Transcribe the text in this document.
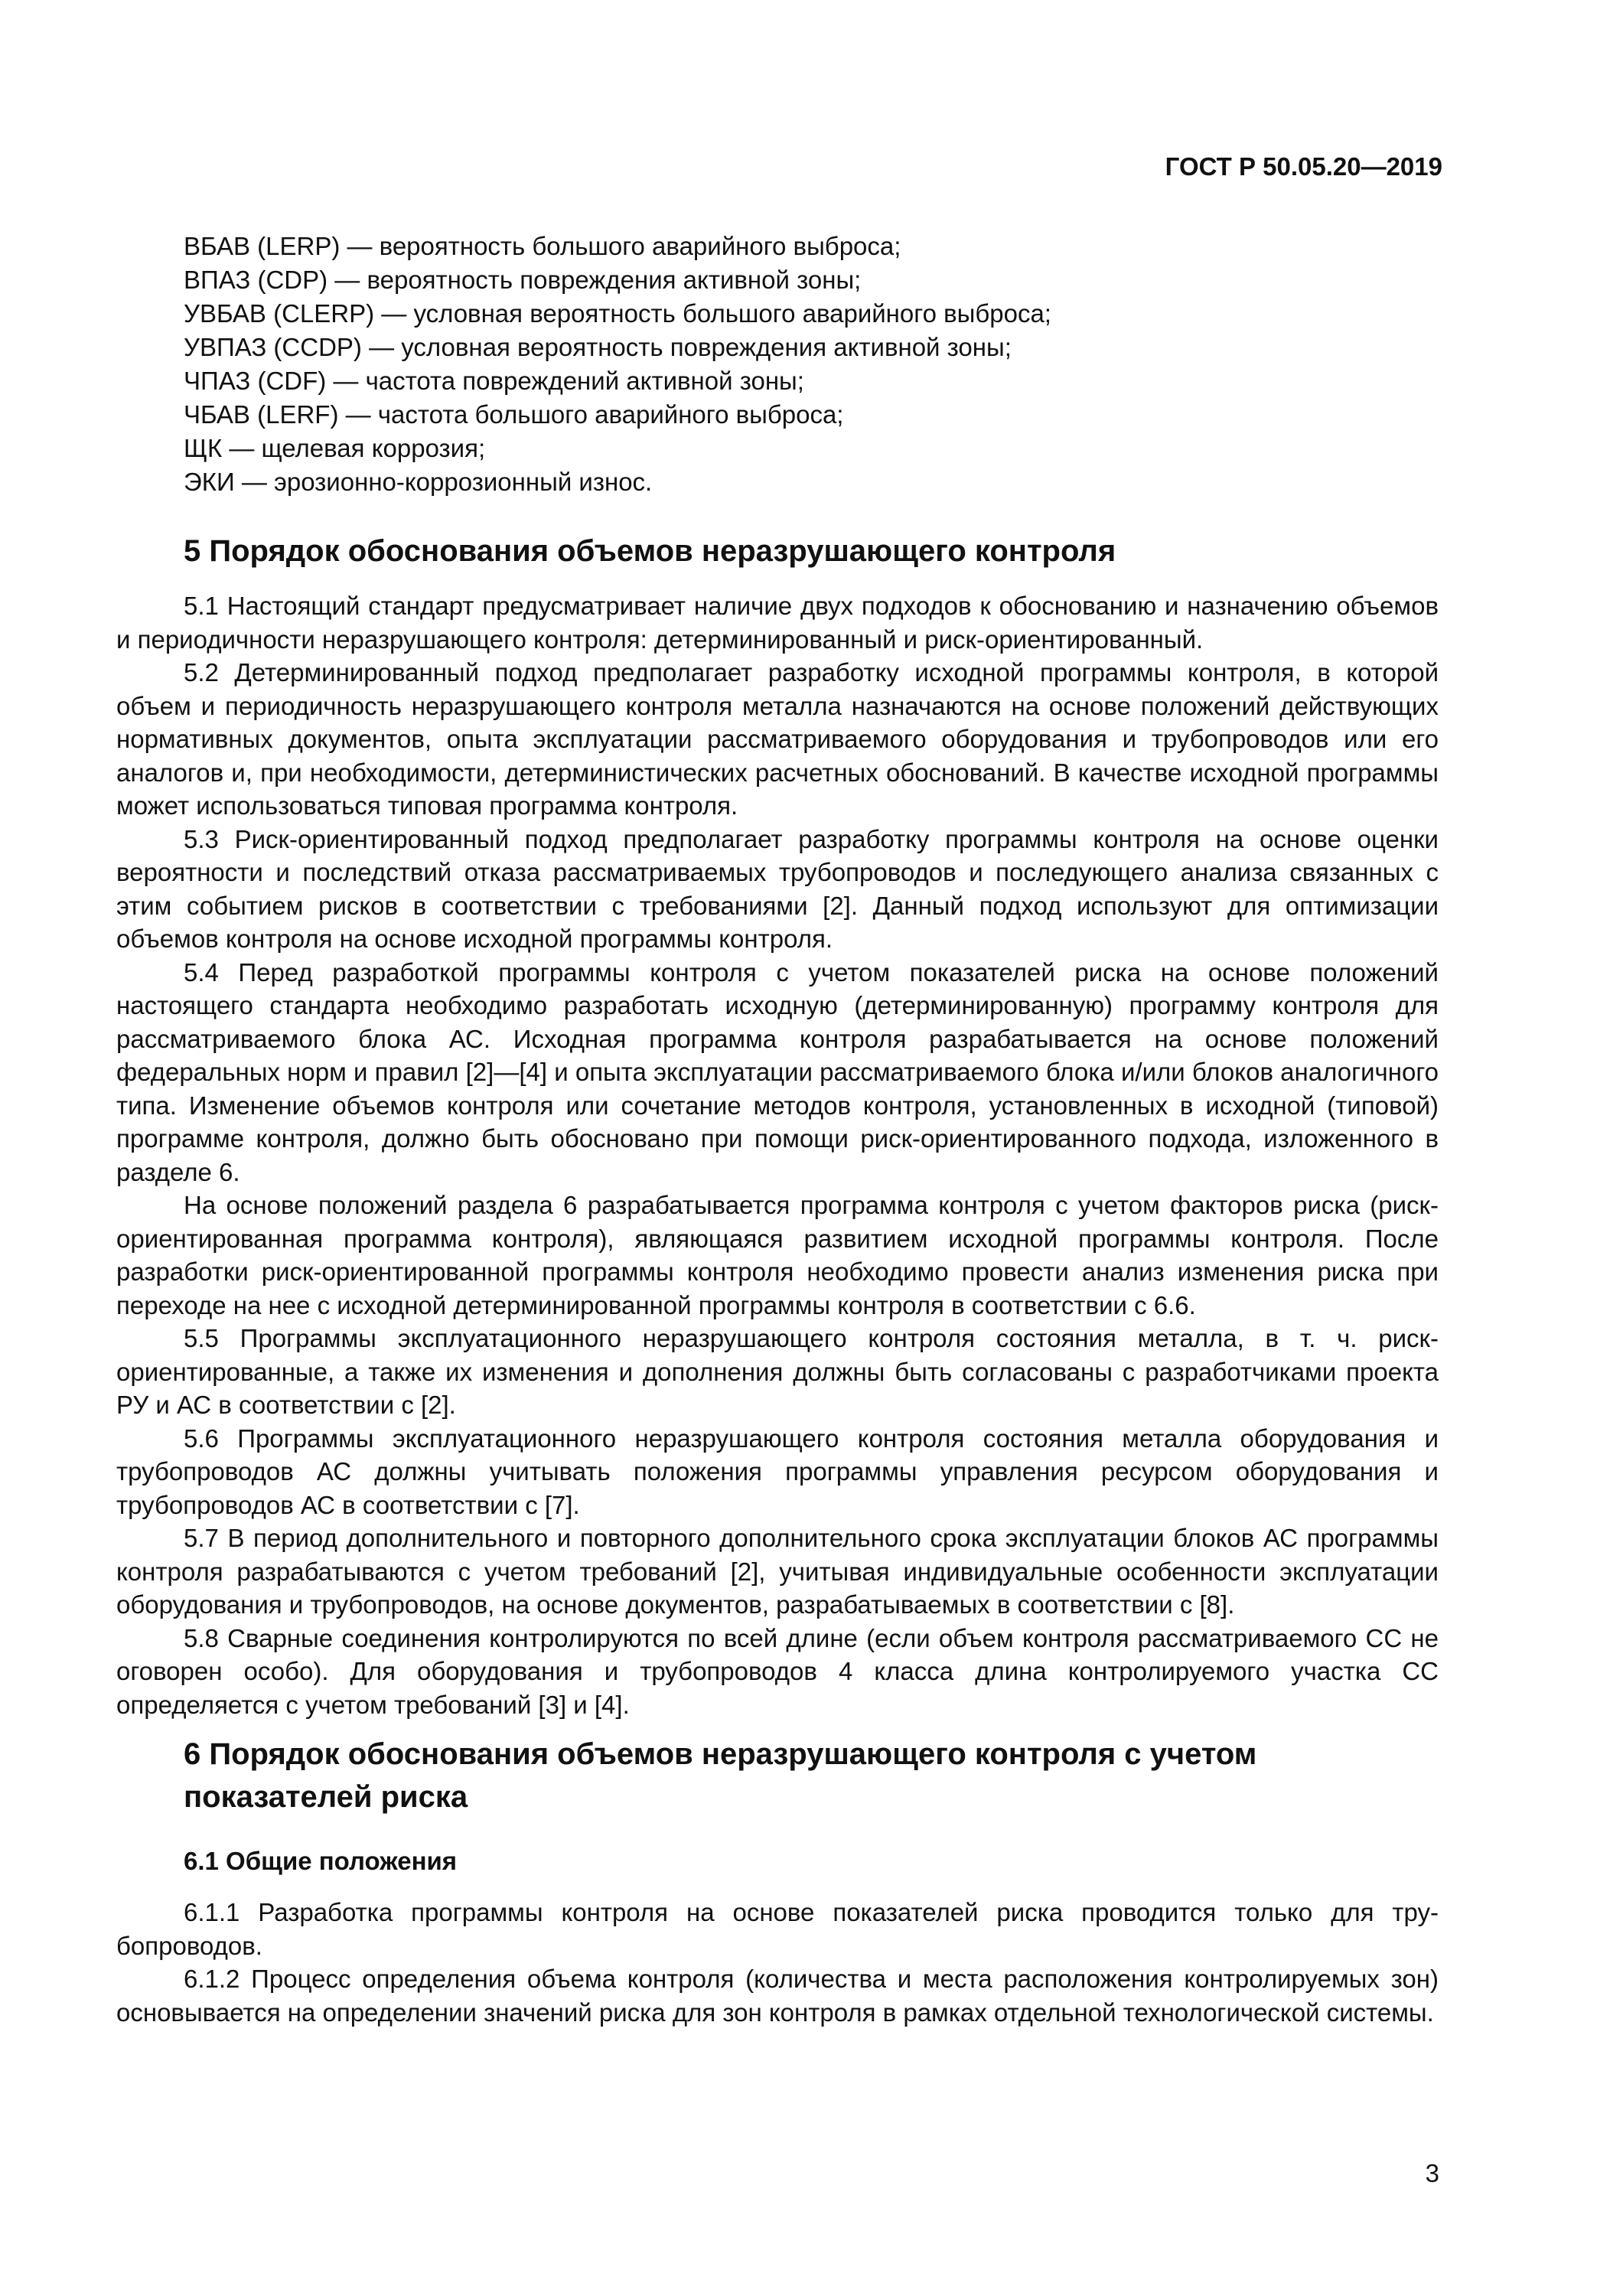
ГОСТ Р 50.05.20—2019
ВБАВ (LERP) — вероятность большого аварийного выброса;
ВПАЗ (CDP) — вероятность повреждения активной зоны;
УВБАВ (CLERP) — условная вероятность большого аварийного выброса;
УВПАЗ (CCDP) — условная вероятность повреждения активной зоны;
ЧПАЗ (CDF) — частота повреждений активной зоны;
ЧБАВ (LERF) — частота большого аварийного выброса;
ЩК — щелевая коррозия;
ЭКИ — эрозионно-коррозионный износ.
5 Порядок обоснования объемов неразрушающего контроля

5.1 Настоящий стандарт предусматривает наличие двух подходов к обоснованию и назначению объемов и периодичности неразрушающего контроля: детерминированный и риск-ориентированный.

5.2 Детерминированный подход предполагает разработку исходной программы контроля, в которой объем и периодичность неразрушающего контроля металла назначаются на основе положений действующих нормативных документов, опыта эксплуатации рассматриваемого оборудования и трубопроводов или его аналогов и, при необходимости, детерминистических расчетных обоснований. В качестве исходной программы может использоваться типовая программа контроля.

5.3 Риск-ориентированный подход предполагает разработку программы контроля на основе оценки вероятности и последствий отказа рассматриваемых трубопроводов и последующего анализа связанных с этим событием рисков в соответствии с требованиями [2]. Данный подход используют для оптимизации объемов контроля на основе исходной программы контроля.

5.4 Перед разработкой программы контроля с учетом показателей риска на основе положений настоящего стандарта необходимо разработать исходную (детерминированную) программу контроля для рассматриваемого блока АС. Исходная программа контроля разрабатывается на основе положений федеральных норм и правил [2]—[4] и опыта эксплуатации рассматриваемого блока и/или блоков аналогичного типа. Изменение объемов контроля или сочетание методов контроля, установленных в исходной (типовой) программе контроля, должно быть обосновано при помощи риск-ориентированного подхода, изложенного в разделе 6.

На основе положений раздела 6 разрабатывается программа контроля с учетом факторов риска (риск-ориентированная программа контроля), являющаяся развитием исходной программы контроля. После разработки риск-ориентированной программы контроля необходимо провести анализ изменения риска при переходе на нее с исходной детерминированной программы контроля в соответствии с 6.6.

5.5 Программы эксплуатационного неразрушающего контроля состояния металла, в т. ч. рискориентированные, а также их изменения и дополнения должны быть согласованы с разработчиками проекта РУ и АС в соответствии с [2].

5.6 Программы эксплуатационного неразрушающего контроля состояния металла оборудования и трубопроводов АС должны учитывать положения программы управления ресурсом оборудования и трубопроводов АС в соответствии с [7].

5.7 В период дополнительного и повторного дополнительного срока эксплуатации блоков АС программы контроля разрабатываются с учетом требований [2], учитывая индивидуальные особенности эксплуатации оборудования и трубопроводов, на основе документов, разрабатываемых в соответствии с [8].

5.8 Сварные соединения контролируются по всей длине (если объем контроля рассматриваемого СС не оговорен особо). Для оборудования и трубопроводов 4 класса длина контролируемого участка СС определяется с учетом требований [3] и [4].

6 Порядок обоснования объемов неразрушающего контроля с учетом показателей риска
6.1 Общие положения

6.1.1 Разработка программы контроля на основе показателей риска проводится только для трубопроводов.

6.1.2 Процесс определения объема контроля (количества и места расположения контролируемых зон) основывается на определении значений риска для зон контроля в рамках отдельной технологической системы.

3
